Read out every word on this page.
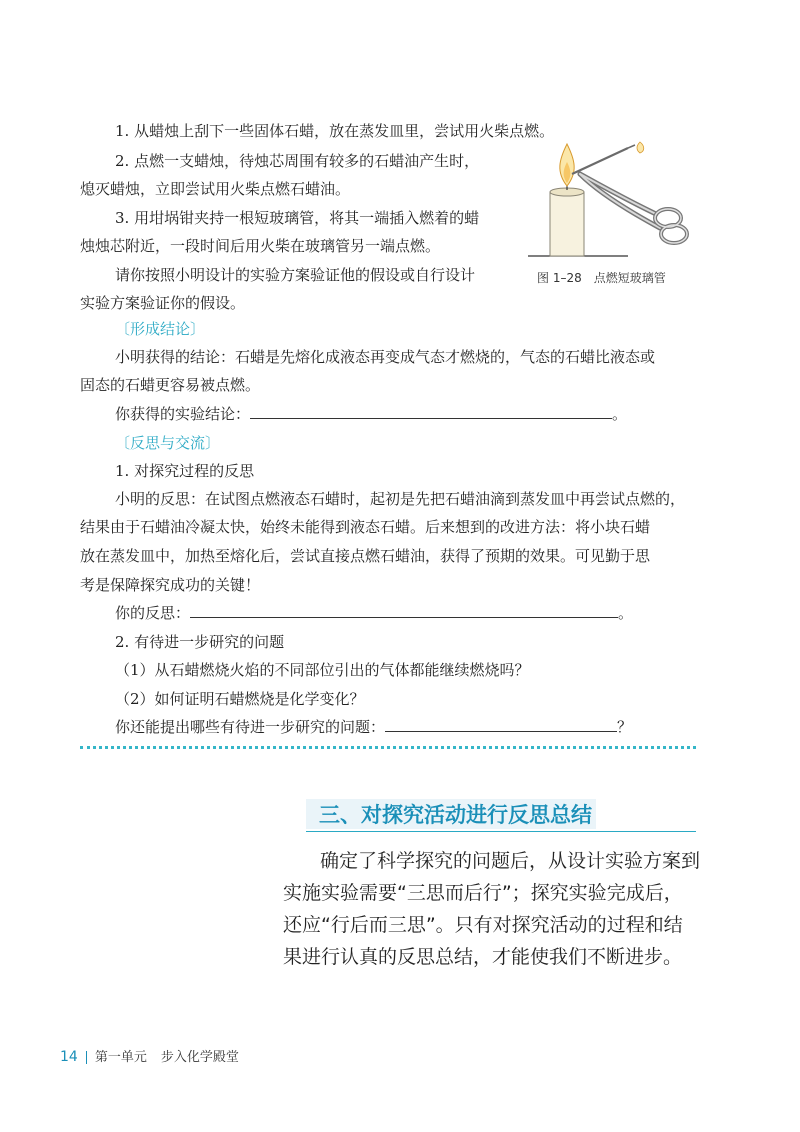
1. 从蜡烛上刮下一些固体石蜡，放在蒸发皿里，尝试用火柴点燃。
2. 点燃一支蜡烛，待烛芯周围有较多的石蜡油产生时，
熄灭蜡烛，立即尝试用火柴点燃石蜡油。
3. 用坩埚钳夹持一根短玻璃管，将其一端插入燃着的蜡
烛烛芯附近，一段时间后用火柴在玻璃管另一端点燃。
请你按照小明设计的实验方案验证他的假设或自行设计
实验方案验证你的假设。
图 1–28　点燃短玻璃管
〔形成结论〕
小明获得的结论：石蜡是先熔化成液态再变成气态才燃烧的，气态的石蜡比液态或
固态的石蜡更容易被点燃。
你获得的实验结论：	。
〔反思与交流〕
1. 对探究过程的反思
小明的反思：在试图点燃液态石蜡时，起初是先把石蜡油滴到蒸发皿中再尝试点燃的，
结果由于石蜡油冷凝太快，始终未能得到液态石蜡。后来想到的改进方法：将小块石蜡
放在蒸发皿中，加热至熔化后，尝试直接点燃石蜡油，获得了预期的效果。可见勤于思
考是保障探究成功的关键！
你的反思：	。
2. 有待进一步研究的问题
（1）从石蜡燃烧火焰的不同部位引出的气体都能继续燃烧吗？
（2）如何证明石蜡燃烧是化学变化？
你还能提出哪些有待进一步研究的问题：	？
三、对探究活动进行反思总结
确定了科学探究的问题后，从设计实验方案到
实施实验需要“三思而后行”；探究实验完成后，
还应“行后而三思”。只有对探究活动的过程和结
果进行认真的反思总结，才能使我们不断进步。
14 第一单元 步入化学殿堂
